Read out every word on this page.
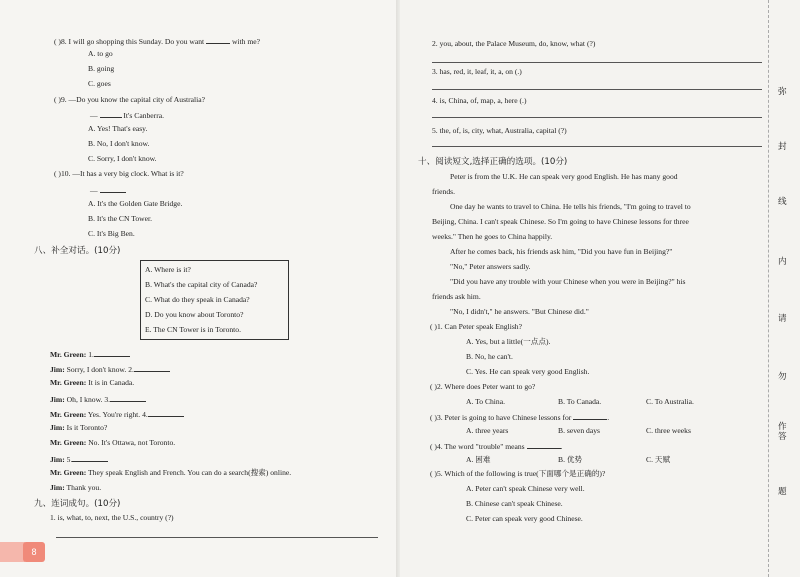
( )8. I will go shopping this Sunday. Do you want	with me?
A. to go
B. going
C. goes
( )9. —Do you know the capital city of Australia?
—	It's Canberra.
A. Yes! That's easy.
B. No, I don't know.
C. Sorry, I don't know.
( )10. —It has a very big clock. What is it?
—
A. It's the Golden Gate Bridge.
B. It's the CN Tower.
C. It's Big Ben.
八、补全对话。(10分)
A. Where is it?
B. What's the capital city of Canada?
C. What do they speak in Canada?
D. Do you know about Toronto?
E. The CN Tower is in Toronto.
Mr. Green: 1.
Jim: Sorry, I don't know. 2.
Mr. Green: It is in Canada.
Jim: Oh, I know. 3.
Mr. Green: Yes. You're right. 4.
Jim: Is it Toronto?
Mr. Green: No. It's Ottawa, not Toronto.
Jim: 5.
Mr. Green: They speak English and French. You can do a search(搜索) online.
Jim: Thank you.
九、连词成句。(10分)
1. is, what, to, next, the U.S., country (?)
8
2. you, about, the Palace Museum, do, know, what (?)
3. has, red, it, leaf, it, a, on (.)
4. is, China, of, map, a, here (.)
5. the, of, is, city, what, Australia, capital (?)
十、阅读短文,选择正确的选项。(10分)
Peter is from the U.K. He can speak very good English. He has many good
friends.
One day he wants to travel to China. He tells his friends, "I'm going to travel to
Beijing, China. I can't speak Chinese. So I'm going to have Chinese lessons for three
weeks." Then he goes to China happily.
After he comes back, his friends ask him, "Did you have fun in Beijing?"
"No," Peter answers sadly.
"Did you have any trouble with your Chinese when you were in Beijing?" his
friends ask him.
"No, I didn't," he answers. "But Chinese did."
( )1. Can Peter speak English?
A. Yes, but a little(一点点).
B. No, he can't.
C. Yes. He can speak very good English.
( )2. Where does Peter want to go?
A. To China.	B. To Canada.	C. To Australia.
( )3. Peter is going to have Chinese lessons for	.
A. three years	B. seven days	C. three weeks
( )4. The word "trouble" means	.
A. 困难	B. 优势	C. 天赋
( )5. Which of the following is true(下面哪个是正确的)?
A. Peter can't speak Chinese very well.
B. Chinese can't speak Chinese.
C. Peter can speak very good Chinese.
弥
封
线
内
请
勿
作
答
题
